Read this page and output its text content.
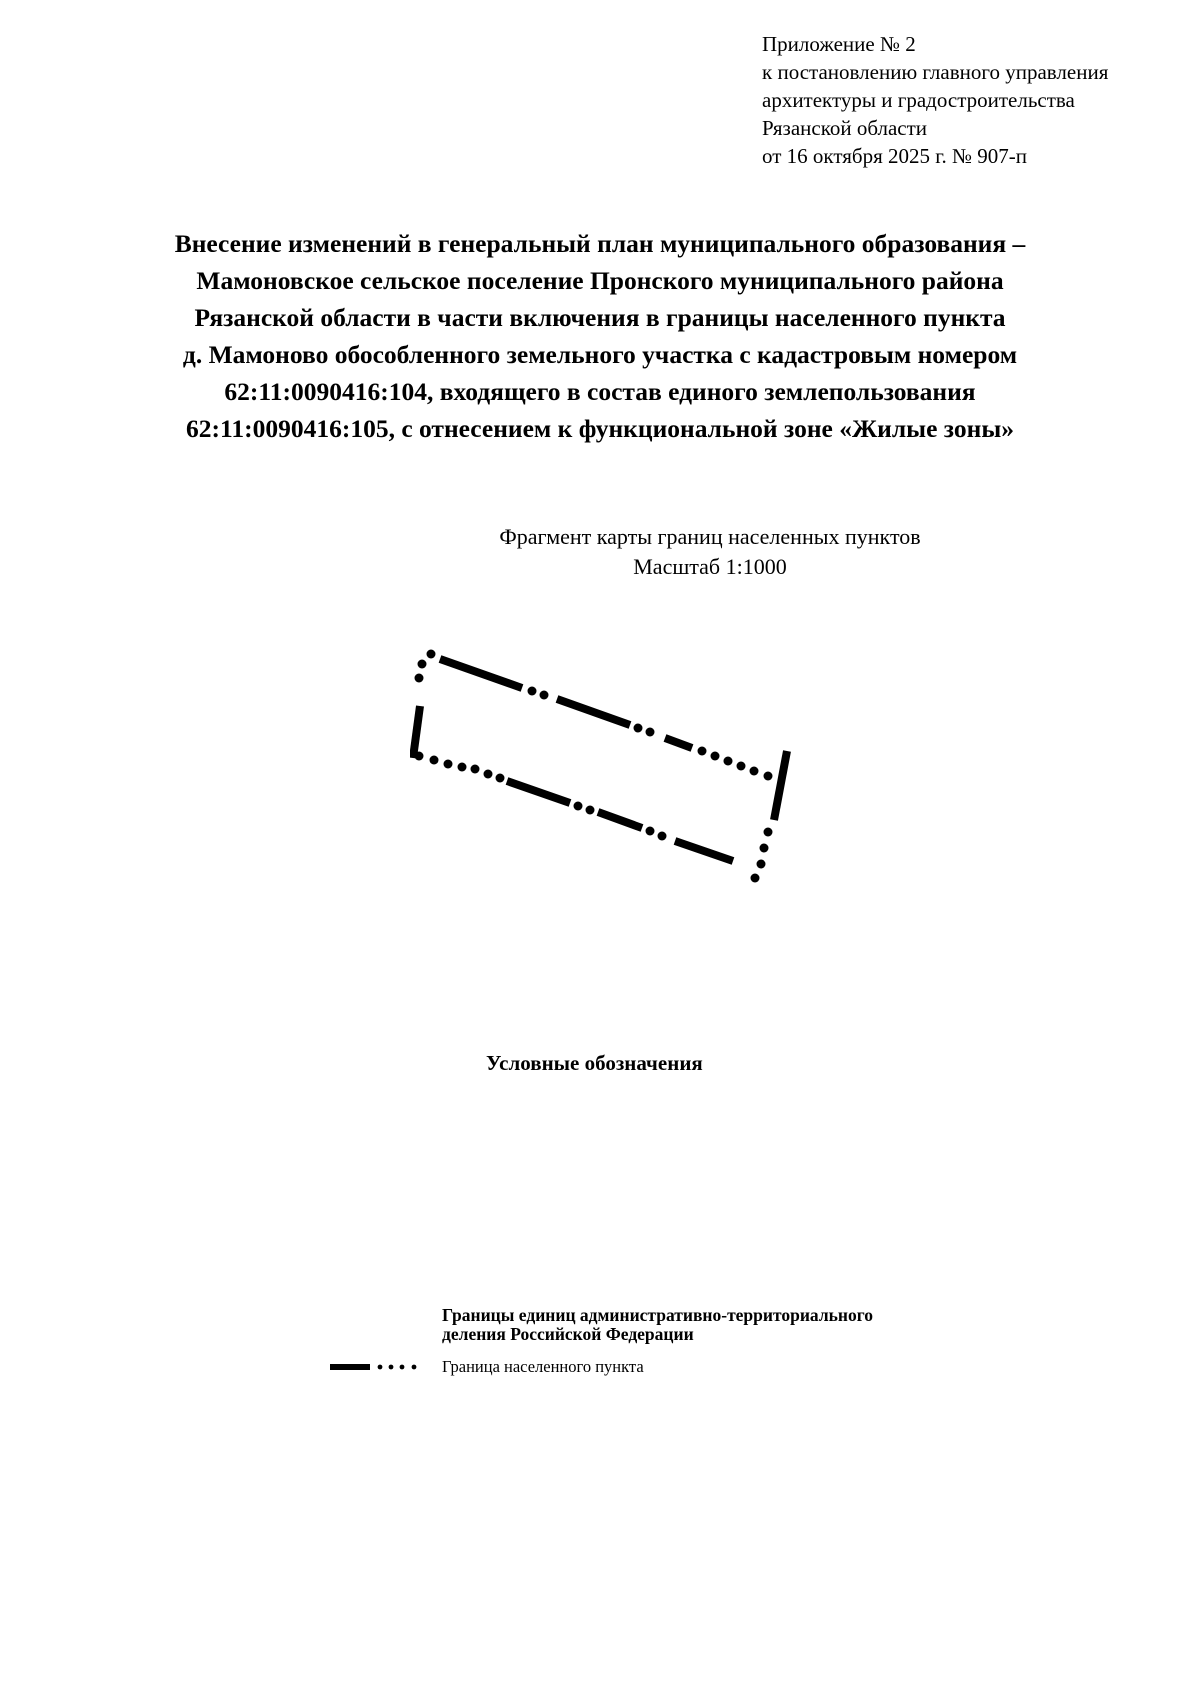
Приложение № 2
к постановлению главного управления
архитектуры и градостроительства
Рязанской области
от 16 октября 2025 г. № 907-п
Внесение изменений в генеральный план муниципального образования –
Мамоновское сельское поселение Пронского муниципального района
Рязанской области в части включения в границы населенного пункта
д. Мамоново обособленного земельного участка с кадастровым номером
62:11:0090416:104, входящего в состав единого землепользования
62:11:0090416:105, с отнесением к функциональной зоне «Жилые зоны»
Фрагмент карты границ населенных пунктов
Масштаб 1:1000
Условные обозначения
Границы единиц административно-территориального
деления Российской Федерации
Граница населенного пункта
